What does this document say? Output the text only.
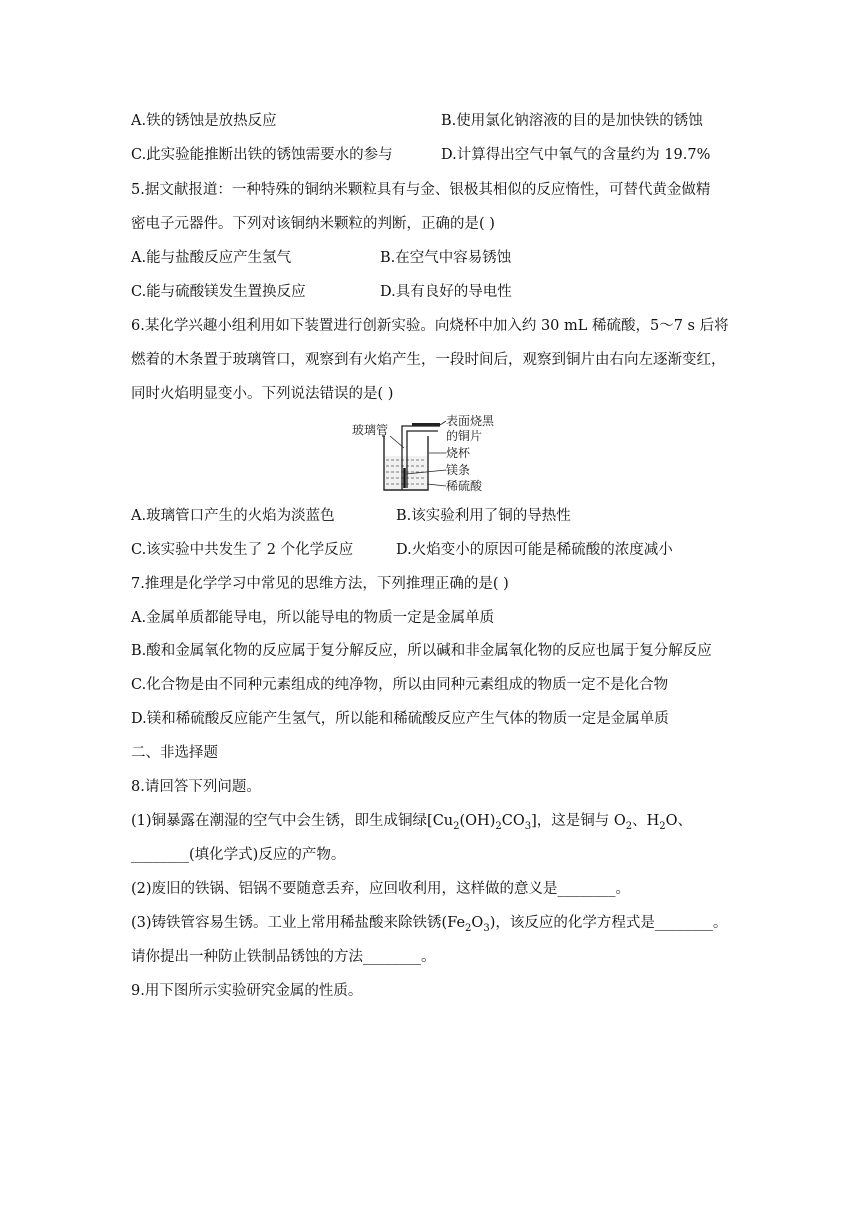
A.铁的锈蚀是放热反应	B.使用氯化钠溶液的目的是加快铁的锈蚀
C.此实验能推断出铁的锈蚀需要水的参与	D.计算得出空气中氧气的含量约为 19.7%
5.据文献报道：一种特殊的铜纳米颗粒具有与金、银极其相似的反应惰性，可替代黄金做精
密电子元器件。下列对该铜纳米颗粒的判断，正确的是( )
A.能与盐酸反应产生氢气	B.在空气中容易锈蚀
C.能与硫酸镁发生置换反应	D.具有良好的导电性
6.某化学兴趣小组利用如下装置进行创新实验。向烧杯中加入约 30 mL 稀硫酸，5～7 s 后将
燃着的木条置于玻璃管口，观察到有火焰产生，一段时间后，观察到铜片由右向左逐渐变红，
同时火焰明显变小。下列说法错误的是( )
玻璃管
表面烧黑
的铜片
烧杯
镁条
稀硫酸
A.玻璃管口产生的火焰为淡蓝色	B.该实验利用了铜的导热性
C.该实验中共发生了 2 个化学反应	D.火焰变小的原因可能是稀硫酸的浓度减小
7.推理是化学学习中常见的思维方法，下列推理正确的是( )
A.金属单质都能导电，所以能导电的物质一定是金属单质
B.酸和金属氧化物的反应属于复分解反应，所以碱和非金属氧化物的反应也属于复分解反应
C.化合物是由不同种元素组成的纯净物，所以由同种元素组成的物质一定不是化合物
D.镁和稀硫酸反应能产生氢气，所以能和稀硫酸反应产生气体的物质一定是金属单质
二、非选择题
8.请回答下列问题。
(1)铜暴露在潮湿的空气中会生锈，即生成铜绿$[Cu_2(OH)_2CO_3]$，这是铜与 $O_2$、$H_2O$、
________(填化学式)反应的产物。
(2)废旧的铁锅、铝锅不要随意丢弃，应回收利用，这样做的意义是________。
(3)铸铁管容易生锈。工业上常用稀盐酸来除铁锈$(Fe_2O_3)$，该反应的化学方程式是________。
请你提出一种防止铁制品锈蚀的方法________。
9.用下图所示实验研究金属的性质。
